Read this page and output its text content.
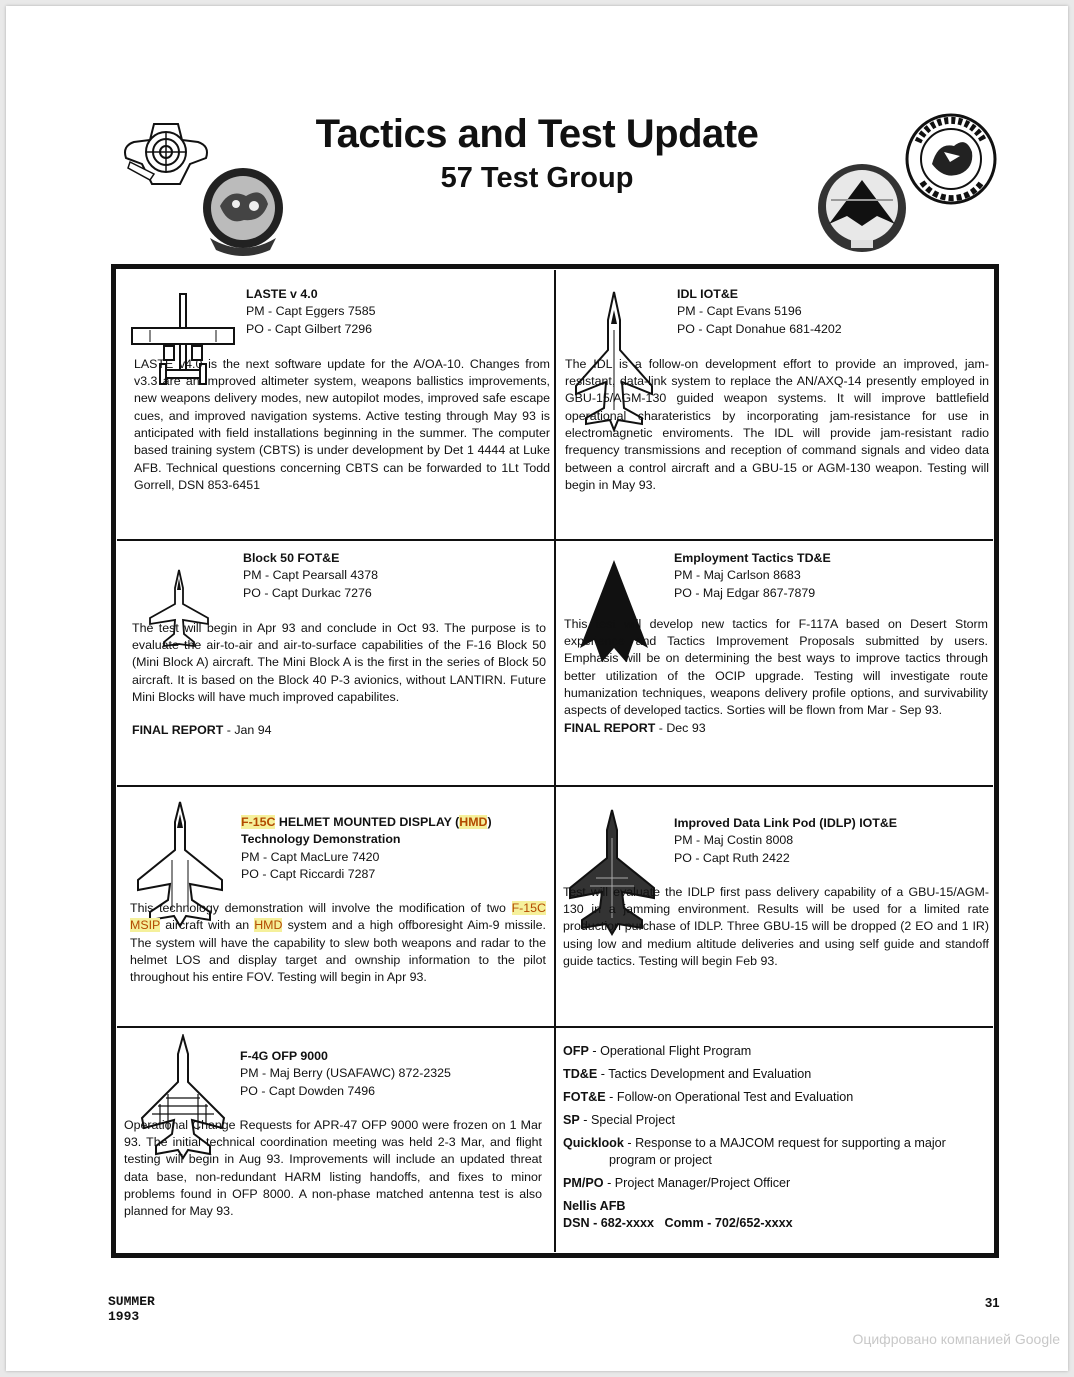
Tactics and Test Update
57 Test Group
LASTE v 4.0
PM - Capt Eggers 7585
PO - Capt Gilbert 7296

LASTE v4.0 is the next software update for the A/OA-10. Changes from v3.3 are an improved altimeter system, weapons ballistics improvements, new weapons delivery modes, new autopilot modes, improved safe escape cues, and improved navigation systems. Active testing through May 93 is anticipated with field installations beginning in the summer. The computer based training system (CBTS) is under development by Det 1 4444 at Luke AFB. Technical questions concerning CBTS can be forwarded to 1Lt Todd Gorrell, DSN 853-6451

IDL IOT&E
PM - Capt Evans 5196
PO - Capt Donahue 681-4202

The IDL is a follow-on development effort to provide an improved, jam-resistant, data-link system to replace the AN/AXQ-14 presently employed in GBU-15/AGM-130 guided weapon systems. It will improve battlefield operational charateristics by incorporating jam-resistance for use in electromagnetic enviroments. The IDL will provide jam-resistant radio frequency transmissions and reception of command signals and video data between a control aircraft and a GBU-15 or AGM-130 weapon. Testing will begin in May 93.

Block 50 FOT&E
PM - Capt Pearsall 4378
PO - Capt Durkac 7276

The test will begin in Apr 93 and conclude in Oct 93. The purpose is to evaluate the air-to-air and air-to-surface capabilities of the F-16 Block 50 (Mini Block A) aircraft. The Mini Block A is the first in the series of Block 50 aircraft. It is based on the Block 40 P-3 avionics, without LANTIRN. Future Mini Blocks will have much improved capabilites.

FINAL REPORT - Jan 94
Employment Tactics TD&E
PM - Maj Carlson 8683
PO - Maj Edgar 867-7879

This test will develop new tactics for F-117A based on Desert Storm experience and Tactics Improvement Proposals submitted by users. Emphasis will be on determining the best ways to improve tactics through better utilization of the OCIP upgrade. Testing will investigate route humanization techniques, weapons delivery profile options, and survivability aspects of developed tactics. Sorties will be flown from Mar - Sep 93.

FINAL REPORT - Dec 93
F-15C HELMET MOUNTED DISPLAY (HMD)
Technology Demonstration
PM - Capt MacLure 7420
PO - Capt Riccardi 7287

This technology demonstration will involve the modification of two F-15C MSIP aircraft with an HMD system and a high offboresight Aim-9 missile. The system will have the capability to slew both weapons and radar to the helmet LOS and display target and ownship information to the pilot throughout his entire FOV. Testing will begin in Apr 93.

Improved Data Link Pod (IDLP) IOT&E
PM - Maj Costin 8008
PO - Capt Ruth 2422

Test will evaluate the IDLP first pass delivery capability of a GBU-15/AGM-130 in a jamming environment. Results will be used for a limited rate production purchase of IDLP. Three GBU-15 will be dropped (2 EO and 1 IR) using low and medium altitude deliveries and using self guide and standoff guide tactics. Testing will begin Feb 93.

F-4G OFP 9000
PM - Maj Berry (USAFAWC) 872-2325
PO - Capt Dowden 7496

Operational Change Requests for APR-47 OFP 9000 were frozen on 1 Mar 93. The initial technical coordination meeting was held 2-3 Mar, and flight testing will begin in Aug 93. Improvements will include an updated threat data base, non-redundant HARM listing handoffs, and fixes to minor problems found in OFP 8000. A non-phase matched antenna test is also planned for May 93.

OFP - Operational Flight Program

TD&E - Tactics Development and Evaluation

FOT&E - Follow-on Operational Test and Evaluation

SP - Special Project

Quicklook - Response to a MAJCOM request for supporting a major program or project

PM/PO - Project Manager/Project Officer

Nellis AFB
DSN - 682-xxxx   Comm - 702/652-xxxx

SUMMER
1993
31
Оцифровано компанией Google
